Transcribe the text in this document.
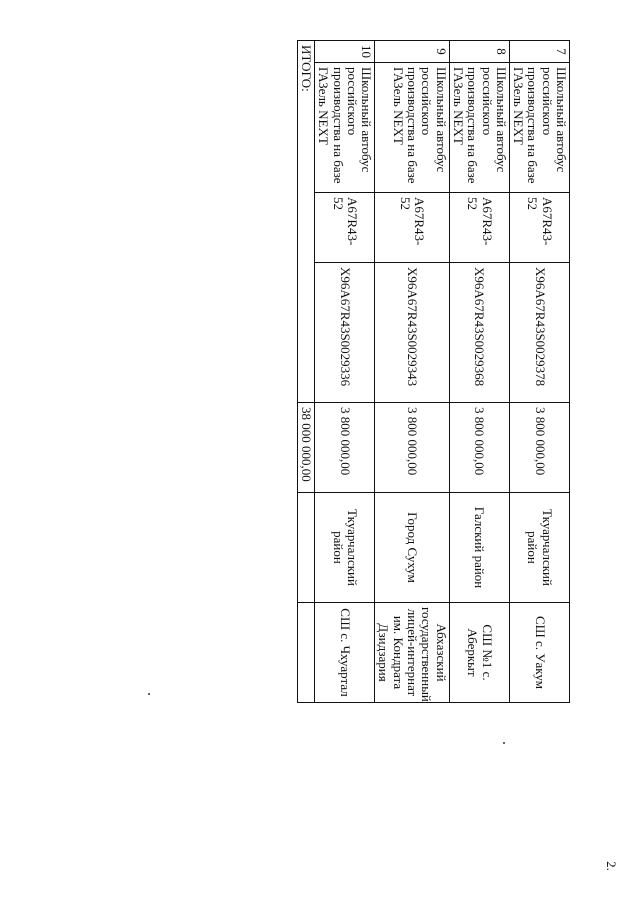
7	Школьный автобус российского производства на базе ГАЗель NEXT	А67R43-52	X96A67R43S0029378	3 800 000,00	Ткуарчалский район	СШ с. Уакум
8	Школьный автобус российского производства на базе ГАЗель NEXT	А67R43-52	X96A67R43S0029368	3 800 000,00	Галский район	СШ №1 с. Аберкыт
9	Школьный автобус российского производства на базе ГАЗель NEXT	А67R43-52	X96A67R43S0029343	3 800 000,00	Город Сухум	Абхазский государственный лицей-интернат им. Кондрата Дзидзария
10	Школьный автобус российского производства на базе ГАЗель NEXT	А67R43-52	X96A67R43S0029336	3 800 000,00	Ткуарчалский район	СШ с. Чхуартал
ИТОГО:				38 000 000,00		
2.
